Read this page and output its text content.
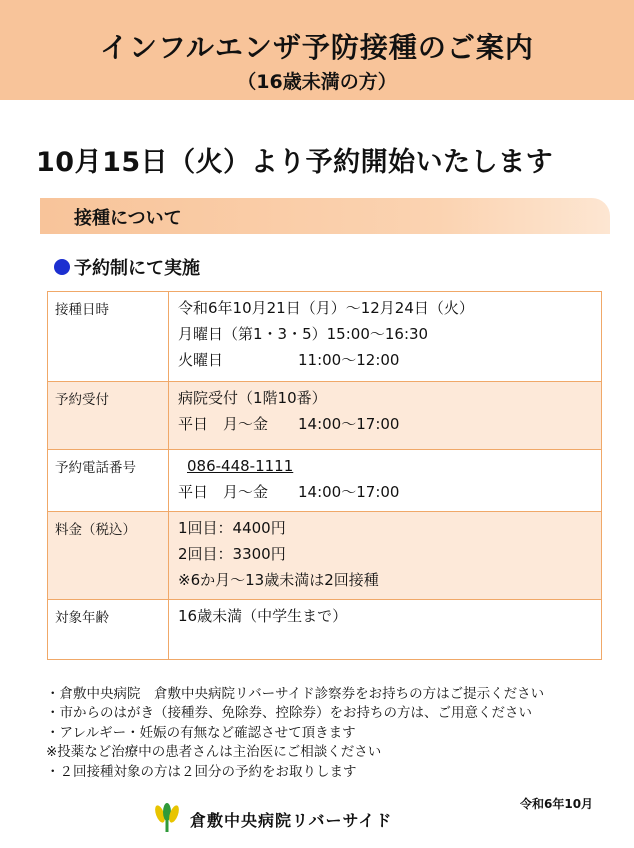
インフルエンザ予防接種のご案内
（16歳未満の方）
10月15日（火）より予約開始いたします
接種について
予約制にて実施
接種日時	令和6年10月21日（月）～12月24日（火）
月曜日（第1・3・5）15:00～16:30
火曜日　　　　　11:00～12:00

予約受付	病院受付（1階10番）
平日　月～金　　14:00～17:00

予約電話番号	086-448-1111
平日　月～金　　14:00～17:00

料金（税込）	1回目：4400円
2回目：3300円
※6か月～13歳未満は2回接種

対象年齢	16歳未満（中学生まで）
・倉敷中央病院　倉敷中央病院リバーサイド診察券をお持ちの方はご提示ください
・市からのはがき（接種券、免除券、控除券）をお持ちの方は、ご用意ください
・アレルギー・妊娠の有無など確認させて頂きます
※投薬など治療中の患者さんは主治医にご相談ください
・２回接種対象の方は２回分の予約をお取りします
令和6年10月
倉敷中央病院リバーサイド
